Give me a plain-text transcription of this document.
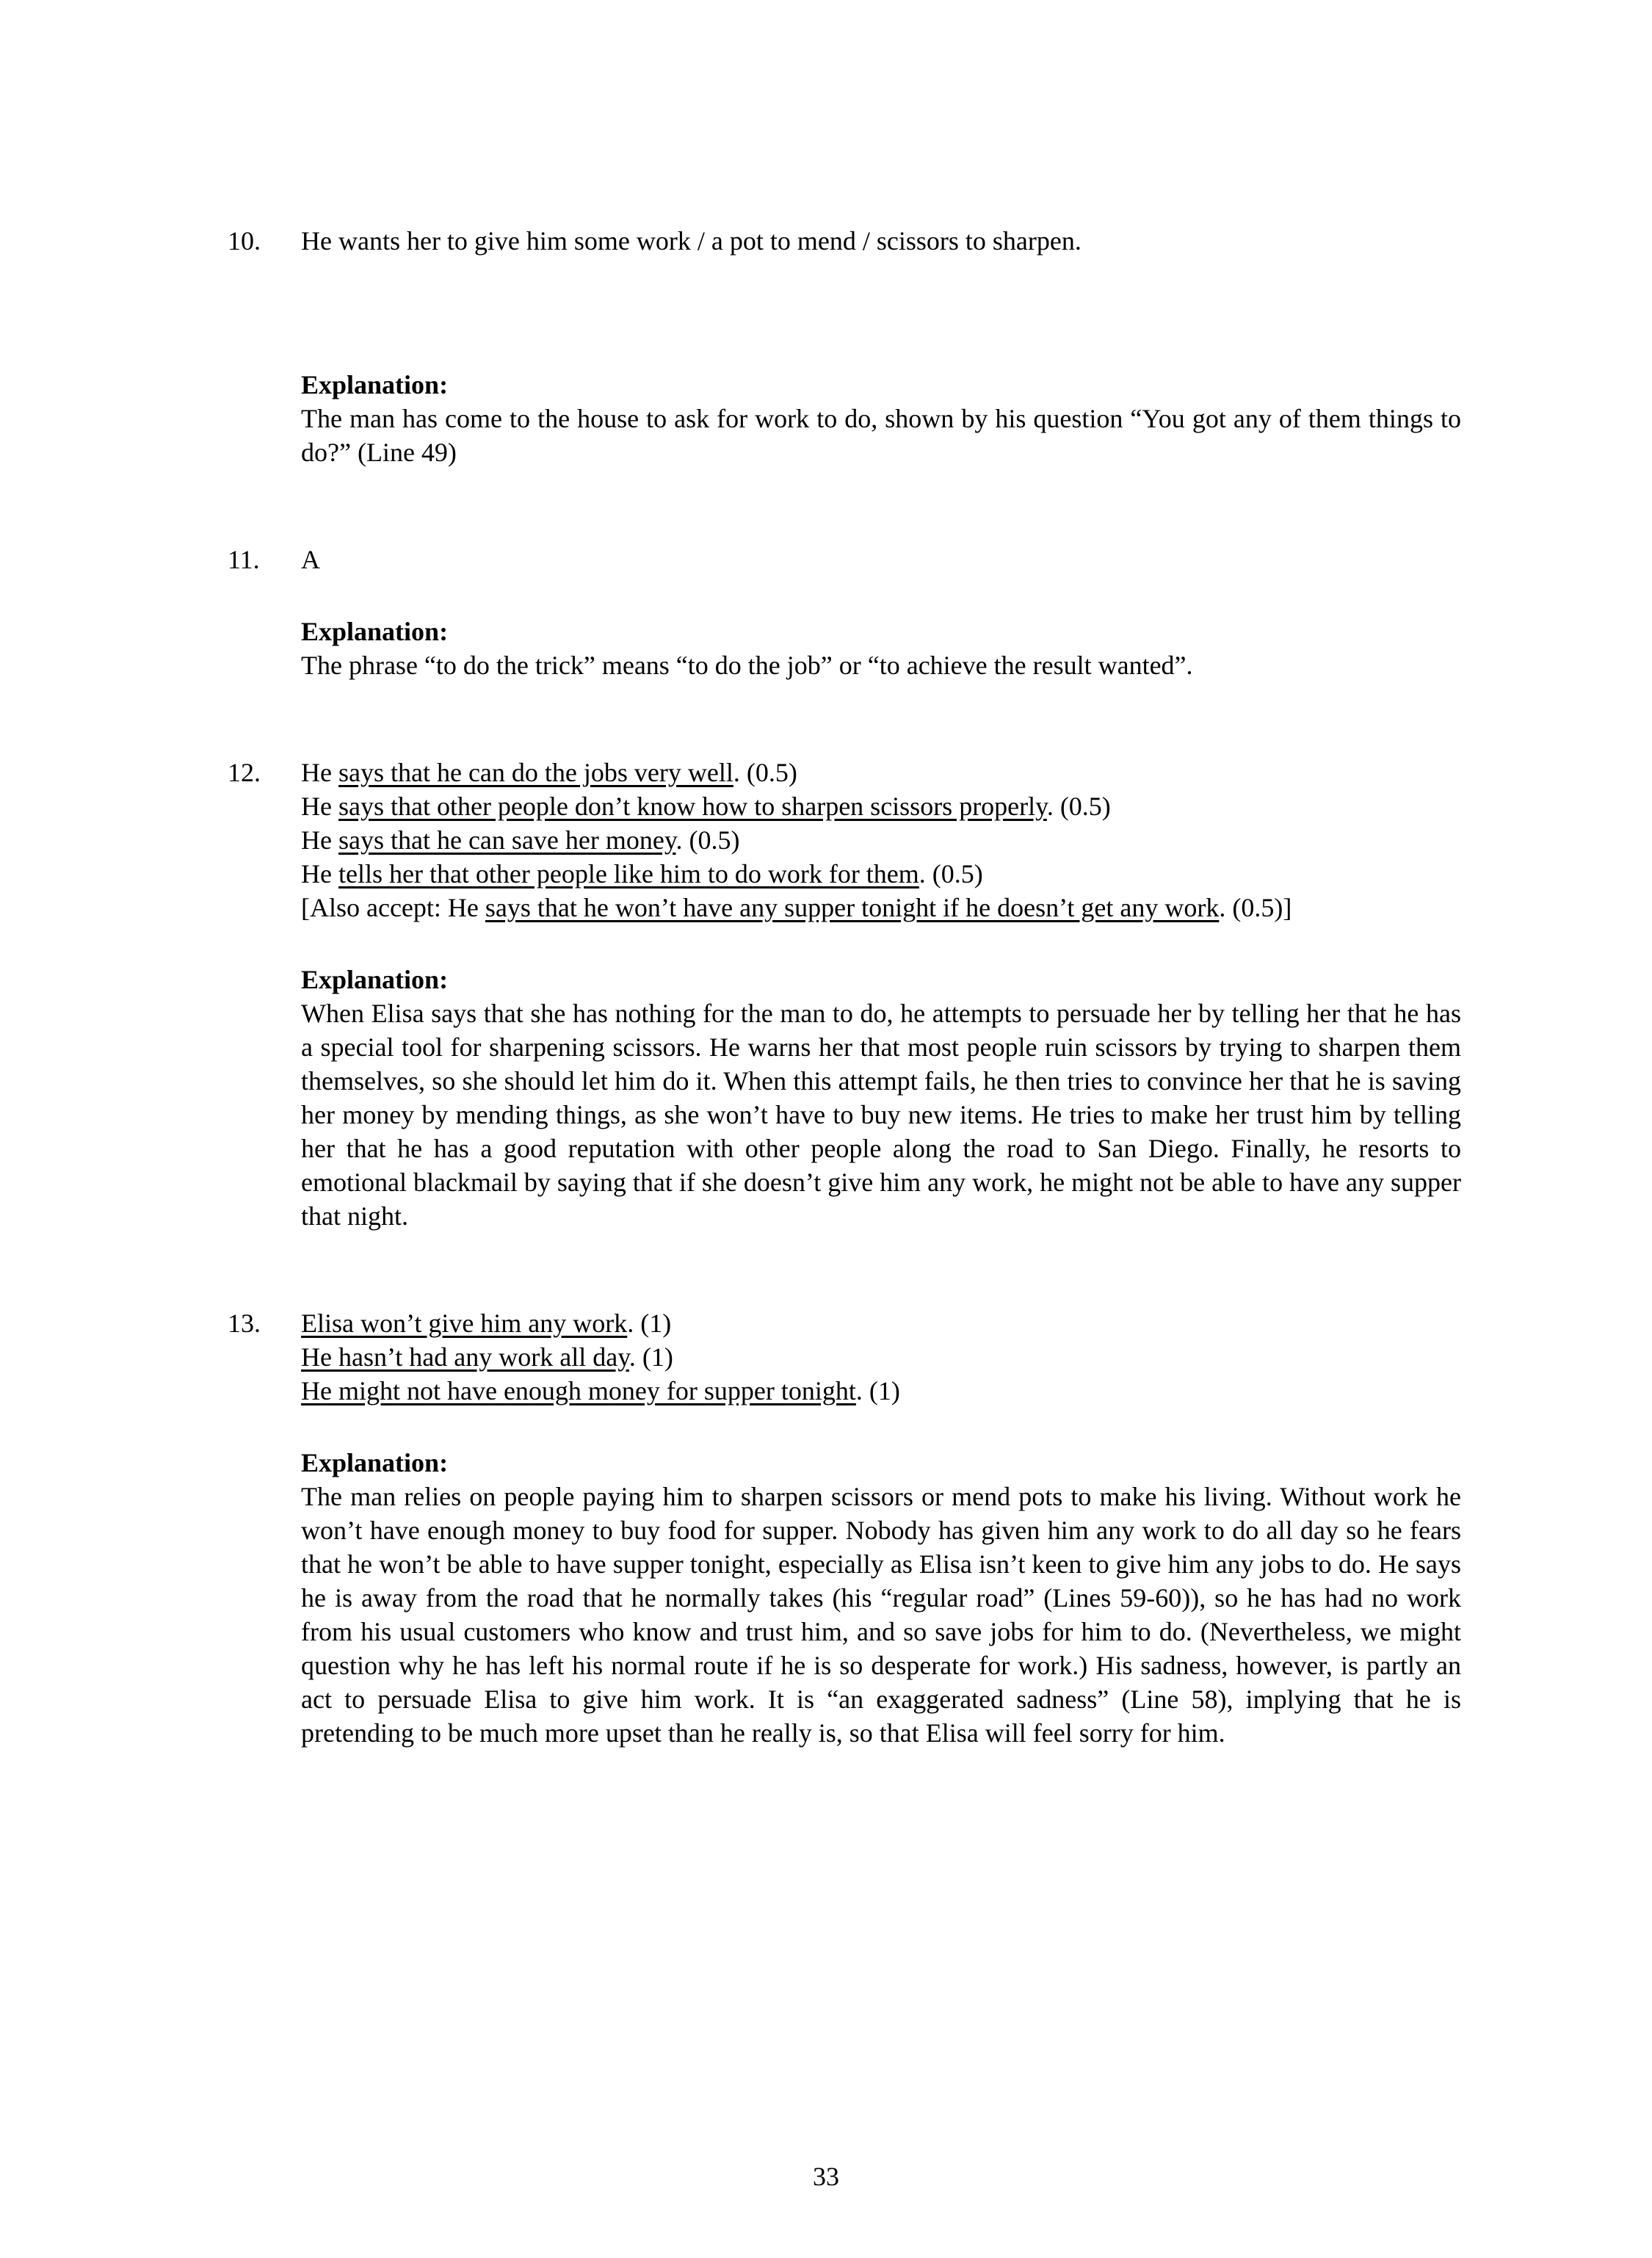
10.	He wants her to give him some work / a pot to mend / scissors to sharpen.

Explanation:

The man has come to the house to ask for work to do, shown by his question “You got any of them things to do?” (Line 49)

11.	A

Explanation:

The phrase “to do the trick” means “to do the job” or “to achieve the result wanted”.

12.	He says that he can do the jobs very well. (0.5)
He says that other people don’t know how to sharpen scissors properly. (0.5)
He says that he can save her money. (0.5)
He tells her that other people like him to do work for them. (0.5)
[Also accept: He says that he won’t have any supper tonight if he doesn’t get any work. (0.5)]

Explanation:

When Elisa says that she has nothing for the man to do, he attempts to persuade her by telling her that he has a special tool for sharpening scissors. He warns her that most people ruin scissors by trying to sharpen them themselves, so she should let him do it. When this attempt fails, he then tries to convince her that he is saving her money by mending things, as she won’t have to buy new items. He tries to make her trust him by telling her that he has a good reputation with other people along the road to San Diego. Finally, he resorts to emotional blackmail by saying that if she doesn’t give him any work, he might not be able to have any supper that night.

13.	Elisa won’t give him any work. (1)
He hasn’t had any work all day. (1)
He might not have enough money for supper tonight. (1)

Explanation:

The man relies on people paying him to sharpen scissors or mend pots to make his living. Without work he won’t have enough money to buy food for supper. Nobody has given him any work to do all day so he fears that he won’t be able to have supper tonight, especially as Elisa isn’t keen to give him any jobs to do. He says he is away from the road that he normally takes (his “regular road” (Lines 59-60)), so he has had no work from his usual customers who know and trust him, and so save jobs for him to do. (Nevertheless, we might question why he has left his normal route if he is so desperate for work.) His sadness, however, is partly an act to persuade Elisa to give him work. It is “an exaggerated sadness” (Line 58), implying that he is pretending to be much more upset than he really is, so that Elisa will feel sorry for him.

33
